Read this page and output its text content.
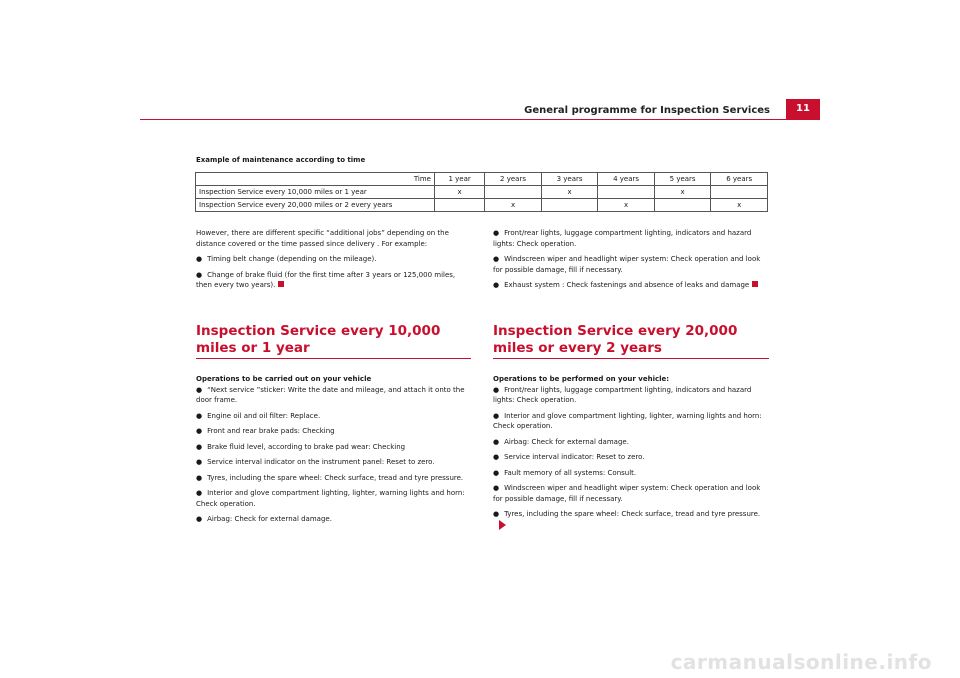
General programme for Inspection Services	11
Example of maintenance according to time
Time	1 year	2 years	3 years	4 years	5 years	6 years
Inspection Service every 10,000 miles or 1 year	x		x		x	
Inspection Service every 20,000 miles or 2 every years		x		x		x

However, there are different specific “additional jobs” depending on the distance covered or the time passed since delivery . For example:

● Timing belt change (depending on the mileage).

● Change of brake fluid (for the first time after 3 years or 125,000 miles, then every two years).

● Front/rear lights, luggage compartment lighting, indicators and hazard lights: Check operation.

● Windscreen wiper and headlight wiper system: Check operation and look for possible damage, fill if necessary.

● Exhaust system : Check fastenings and absence of leaks and damage

Inspection Service every 10,000 miles or 1 year

Operations to be carried out on your vehicle

● “Next service ”sticker: Write the date and mileage, and attach it onto the door frame.

● Engine oil and oil filter: Replace.

● Front and rear brake pads: Checking

● Brake fluid level, according to brake pad wear: Checking

● Service interval indicator on the instrument panel: Reset to zero.

● Tyres, including the spare wheel: Check surface, tread and tyre pressure.

● Interior and glove compartment lighting, lighter, warning lights and horn: Check operation.

● Airbag: Check for external damage.

Inspection Service every 20,000 miles or every 2 years

Operations to be performed on your vehicle:

● Front/rear lights, luggage compartment lighting, indicators and hazard lights: Check operation.

● Interior and glove compartment lighting, lighter, warning lights and horn: Check operation.

● Airbag: Check for external damage.

● Service interval indicator: Reset to zero.

● Fault memory of all systems: Consult.

● Windscreen wiper and headlight wiper system: Check operation and look for possible damage, fill if necessary.

● Tyres, including the spare wheel: Check surface, tread and tyre pressure.

carmanualsonline.info
